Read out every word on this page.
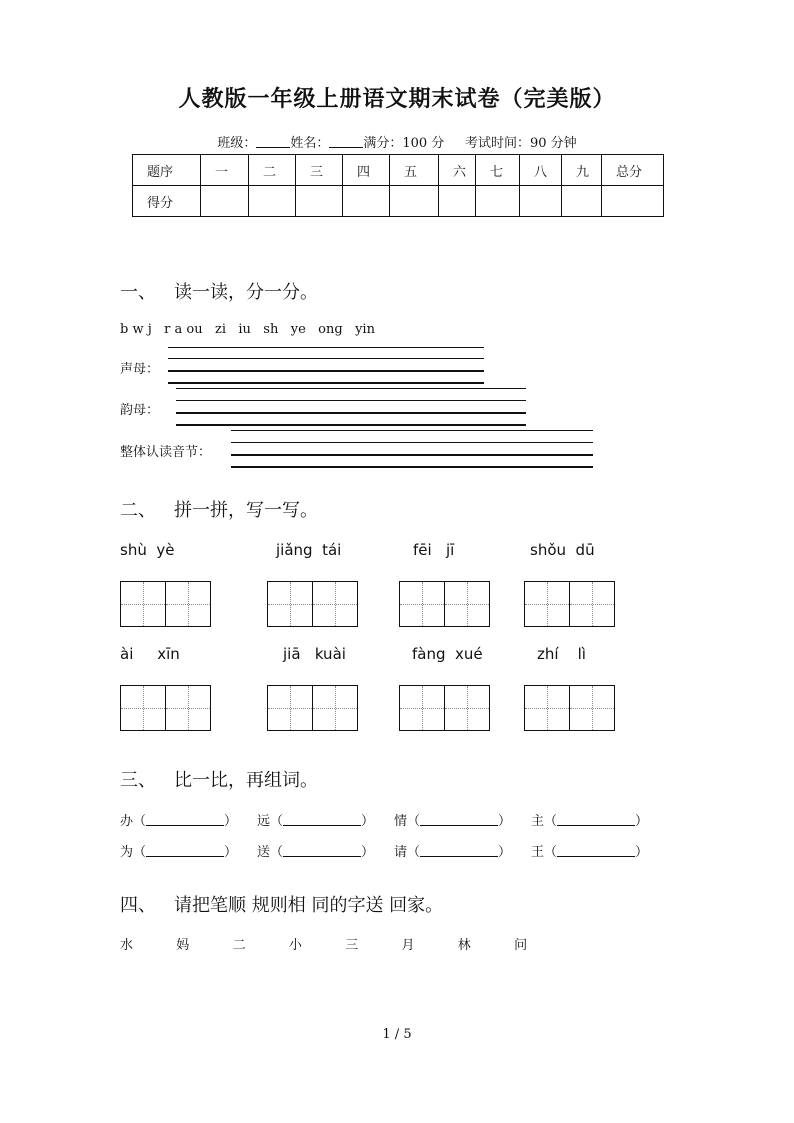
人教版一年级上册语文期末试卷（完美版）
班级：	姓名：	满分：100 分 考试时间：90 分钟
题序	一	二	三	四	五	六	七	八	九	总分
得分										
一、 读一读，分一分。
b w j   r a ou   zi   iu   sh   ye   onɡ   yin
声母：
韵母：
整体认读音节：
二、 拼一拼，写一写。
shù  yè	jiǎng  tái	fēi   jī	shǒu  dū
ài     xīn	jiā   kuài	fàng  xué	zhí    lì
三、 比一比，再组词。
办（	） 远（	） 情（	） 主（	）
为（	） 送（	） 请（	） 王（	）
四、 请把笔顺 规则相 同的字送 回家。
水	妈	二	小	三	月	林	问
1 / 5
